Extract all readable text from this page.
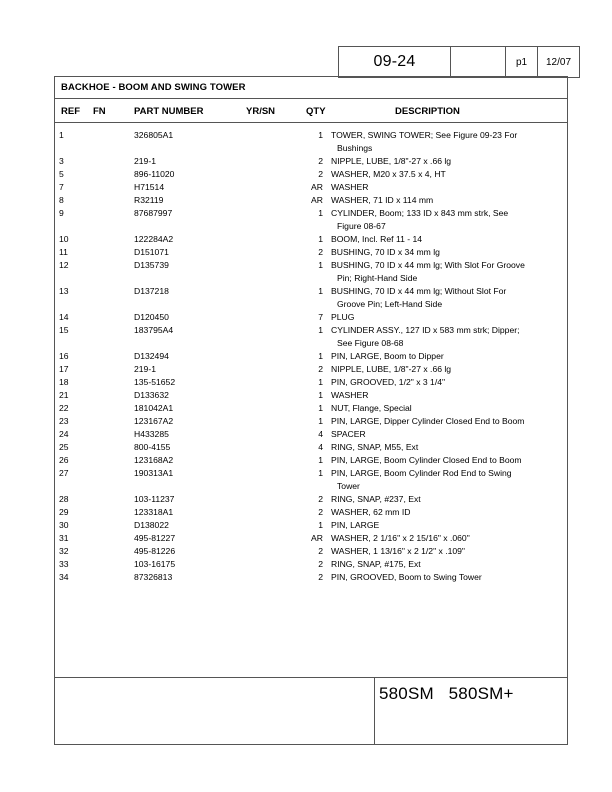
09-24	p1	12/07
BACKHOE - BOOM AND SWING TOWER
REF FN	PART NUMBER	YR/SN	QTY	DESCRIPTION
1	326805A1	1 TOWER, SWING TOWER; See Figure 09-23 For
Bushings
3	219-1	2 NIPPLE, LUBE, 1/8"-27 x .66 lg
5	896-11020	2 WASHER, M20 x 37.5 x 4, HT
7	H71514	AR WASHER
8	R32119	AR WASHER, 71 ID x 114 mm
9	87687997	1 CYLINDER, Boom; 133 ID x 843 mm strk, See
Figure 08-67
10	122284A2	1 BOOM, Incl. Ref 11 - 14
11	D151071	2 BUSHING, 70 ID x 34 mm lg
12	D135739	1 BUSHING, 70 ID x 44 mm lg; With Slot For Groove
Pin; Right-Hand Side
13	D137218	1 BUSHING, 70 ID x 44 mm lg; Without Slot For
Groove Pin; Left-Hand Side
14	D120450	7 PLUG
15	183795A4	1 CYLINDER ASSY., 127 ID x 583 mm strk; Dipper;
See Figure 08-68
16	D132494	1 PIN, LARGE, Boom to Dipper
17	219-1	2 NIPPLE, LUBE, 1/8"-27 x .66 lg
18	135-51652	1 PIN, GROOVED, 1/2" x 3 1/4"
21	D133632	1 WASHER
22	181042A1	1 NUT, Flange, Special
23	123167A2	1 PIN, LARGE, Dipper Cylinder Closed End to Boom
24	H433285	4 SPACER
25	800-4155	4 RING, SNAP, M55, Ext
26	123168A2	1 PIN, LARGE, Boom Cylinder Closed End to Boom
27	190313A1	1 PIN, LARGE, Boom Cylinder Rod End to Swing
Tower
28	103-11237	2 RING, SNAP, #237, Ext
29	123318A1	2 WASHER, 62 mm ID
30	D138022	1 PIN, LARGE
31	495-81227	AR WASHER, 2 1/16" x 2 15/16" x .060"
32	495-81226	2 WASHER, 1 13/16" x 2 1/2" x .109"
33	103-16175	2 RING, SNAP, #175, Ext
34	87326813	2 PIN, GROOVED, Boom to Swing Tower
580SM   580SM+
